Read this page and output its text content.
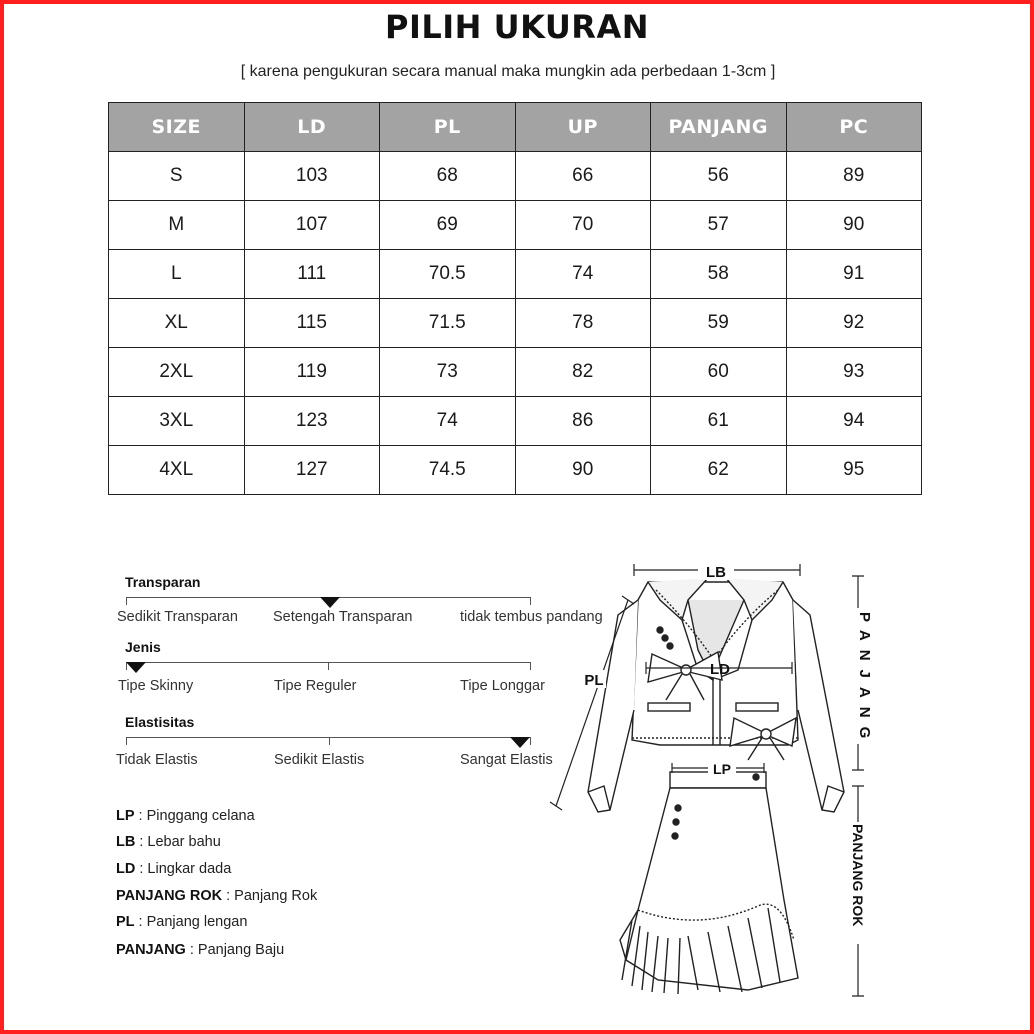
PILIH UKURAN
[ karena pengukuran secara manual maka mungkin ada perbedaan 1-3cm ]
SIZE	LD	PL	UP	PANJANG	PC
S	103	68	66	56	89
M	107	69	70	57	90
L	111	70.5	74	58	91
XL	115	71.5	78	59	92
2XL	119	73	82	60	93
3XL	123	74	86	61	94
4XL	127	74.5	90	62	95
Transparan
Sedikit Transparan Setengah Transparan	tidak tembus pandang
Jenis
Tipe Skinny	Tipe Reguler	Tipe Longgar
Elastisitas
Tidak Elastis	Sedikit Elastis	Sangat Elastis
LP : Pinggang celana
LB : Lebar bahu
LD : Lingkar dada
PANJANG ROK : Panjang Rok
PL : Panjang lengan
PANJANG : Panjang Baju
LB
LD
PL
LP
PANJANG
PANJANG ROK
